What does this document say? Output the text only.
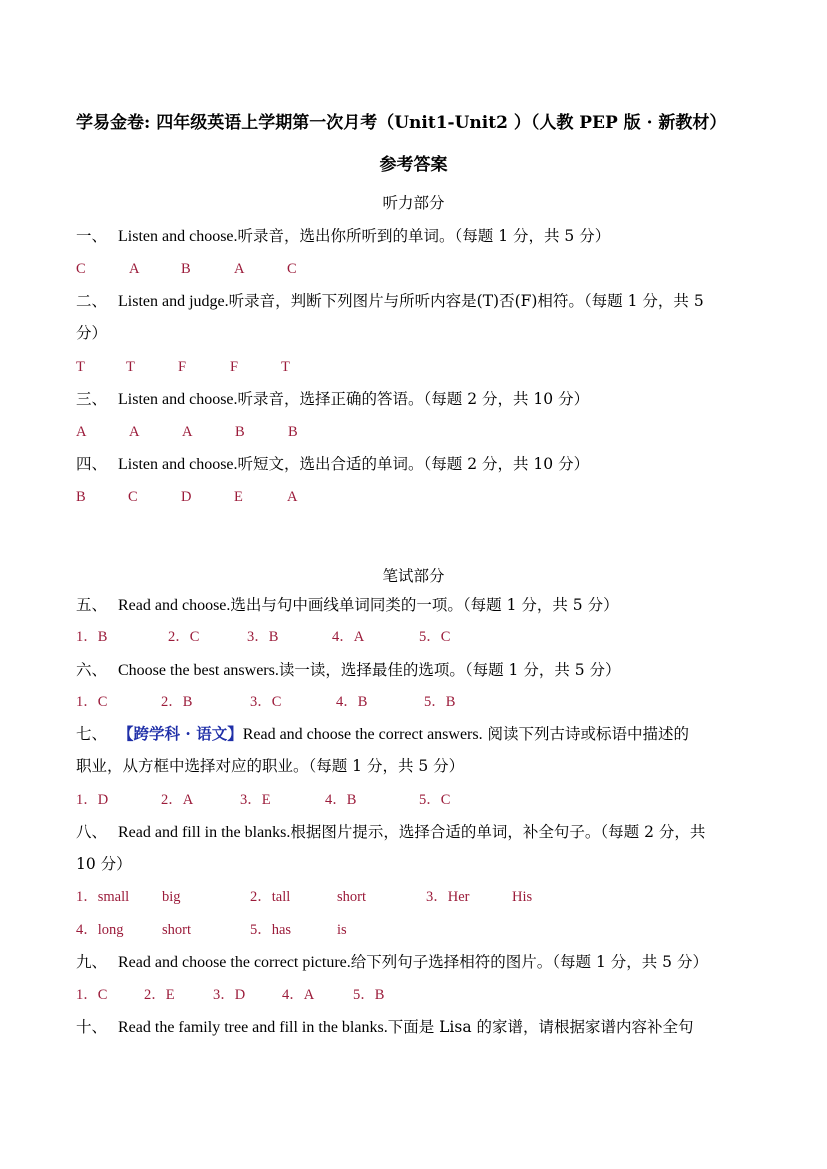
学易金卷: 四年级英语上学期第一次月考（Unit1-Unit2 ）（人教 PEP 版 · 新教材）
参考答案
听力部分
一、 Listen and choose.听录音，选出你所听到的单词。（每题 1 分，共 5 分）
C	A	B	A	C
二、 Listen and judge.听录音，判断下列图片与所听内容是(T)否(F)相符。（每题 1 分，共 5
分）
T	T	F	F	T
三、 Listen and choose.听录音，选择正确的答语。（每题 2 分，共 10 分）
A	A	A	B	B
四、 Listen and choose.听短文，选出合适的单词。（每题 2 分，共 10 分）
B	C	D	E	A
笔试部分
五、 Read and choose.选出与句中画线单词同类的一项。（每题 1 分，共 5 分）
1．B	2．C	3．B	4．A	5．C
六、 Choose the best answers.读一读，选择最佳的选项。（每题 1 分，共 5 分）
1．C	2．B	3．C	4．B	5．B
七、 【跨学科 · 语文】Read and choose the correct answers. 阅读下列古诗或标语中描述的
职业，从方框中选择对应的职业。（每题 1 分，共 5 分）
1．D	2．A	3．E	4．B	5．C
八、 Read and fill in the blanks.根据图片提示，选择合适的单词，补全句子。（每题 2 分，共
10 分）
1．small big	2．tall	short	3．Her	His
4．long	short	5．has	is
九、 Read and choose the correct picture.给下列句子选择相符的图片。（每题 1 分，共 5 分）
1．C	2．E	3．D	4．A	5．B
十、 Read the family tree and fill in the blanks.下面是 Lisa 的家谱，请根据家谱内容补全句
